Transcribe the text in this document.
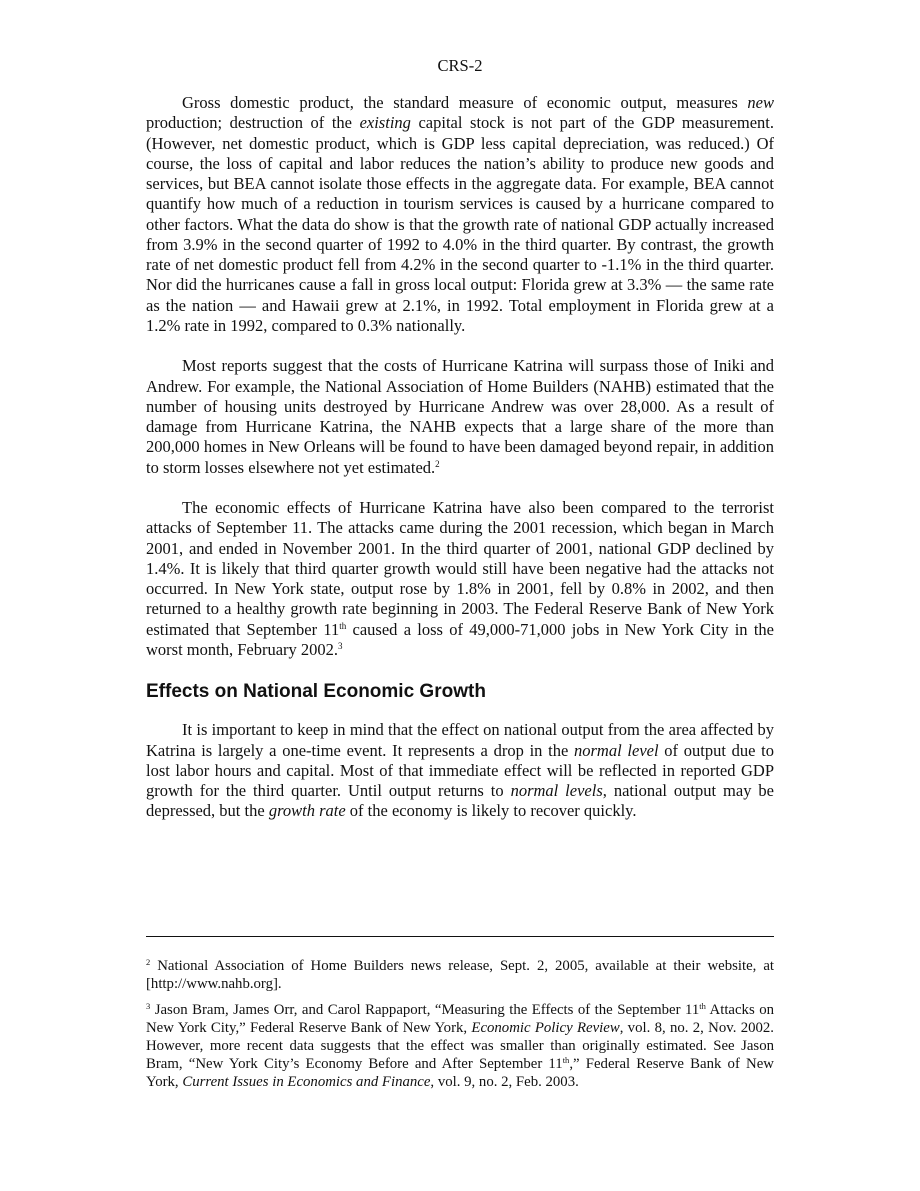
CRS-2

Gross domestic product, the standard measure of economic output, measures new production; destruction of the existing capital stock is not part of the GDP measurement. (However, net domestic product, which is GDP less capital depreciation, was reduced.) Of course, the loss of capital and labor reduces the nation’s ability to produce new goods and services, but BEA cannot isolate those effects in the aggregate data. For example, BEA cannot quantify how much of a reduction in tourism services is caused by a hurricane compared to other factors. What the data do show is that the growth rate of national GDP actually increased from 3.9% in the second quarter of 1992 to 4.0% in the third quarter. By contrast, the growth rate of net domestic product fell from 4.2% in the second quarter to -1.1% in the third quarter. Nor did the hurricanes cause a fall in gross local output: Florida grew at 3.3% — the same rate as the nation — and Hawaii grew at 2.1%, in 1992. Total employment in Florida grew at a 1.2% rate in 1992, compared to 0.3% nationally.

Most reports suggest that the costs of Hurricane Katrina will surpass those of Iniki and Andrew. For example, the National Association of Home Builders (NAHB) estimated that the number of housing units destroyed by Hurricane Andrew was over 28,000. As a result of damage from Hurricane Katrina, the NAHB expects that a large share of the more than 200,000 homes in New Orleans will be found to have been damaged beyond repair, in addition to storm losses elsewhere not yet estimated.$^2$

The economic effects of Hurricane Katrina have also been compared to the terrorist attacks of September 11. The attacks came during the 2001 recession, which began in March 2001, and ended in November 2001. In the third quarter of 2001, national GDP declined by 1.4%. It is likely that third quarter growth would still have been negative had the attacks not occurred. In New York state, output rose by 1.8% in 2001, fell by 0.8% in 2002, and then returned to a healthy growth rate beginning in 2003. The Federal Reserve Bank of New York estimated that September 11th caused a loss of 49,000-71,000 jobs in New York City in the worst month, February 2002.$^3$

Effects on National Economic Growth

It is important to keep in mind that the effect on national output from the area affected by Katrina is largely a one-time event. It represents a drop in the normal level of output due to lost labor hours and capital. Most of that immediate effect will be reflected in reported GDP growth for the third quarter. Until output returns to normal levels, national output may be depressed, but the growth rate of the economy is likely to recover quickly.

$^2$ National Association of Home Builders news release, Sept. 2, 2005, available at their website, at [http://www.nahb.org].
$^3$ Jason Bram, James Orr, and Carol Rappaport, “Measuring the Effects of the September 11th Attacks on New York City,” Federal Reserve Bank of New York, Economic Policy Review, vol. 8, no. 2, Nov. 2002. However, more recent data suggests that the effect was smaller than originally estimated. See Jason Bram, “New York City’s Economy Before and After September 11th,” Federal Reserve Bank of New York, Current Issues in Economics and Finance, vol. 9, no. 2, Feb. 2003.
